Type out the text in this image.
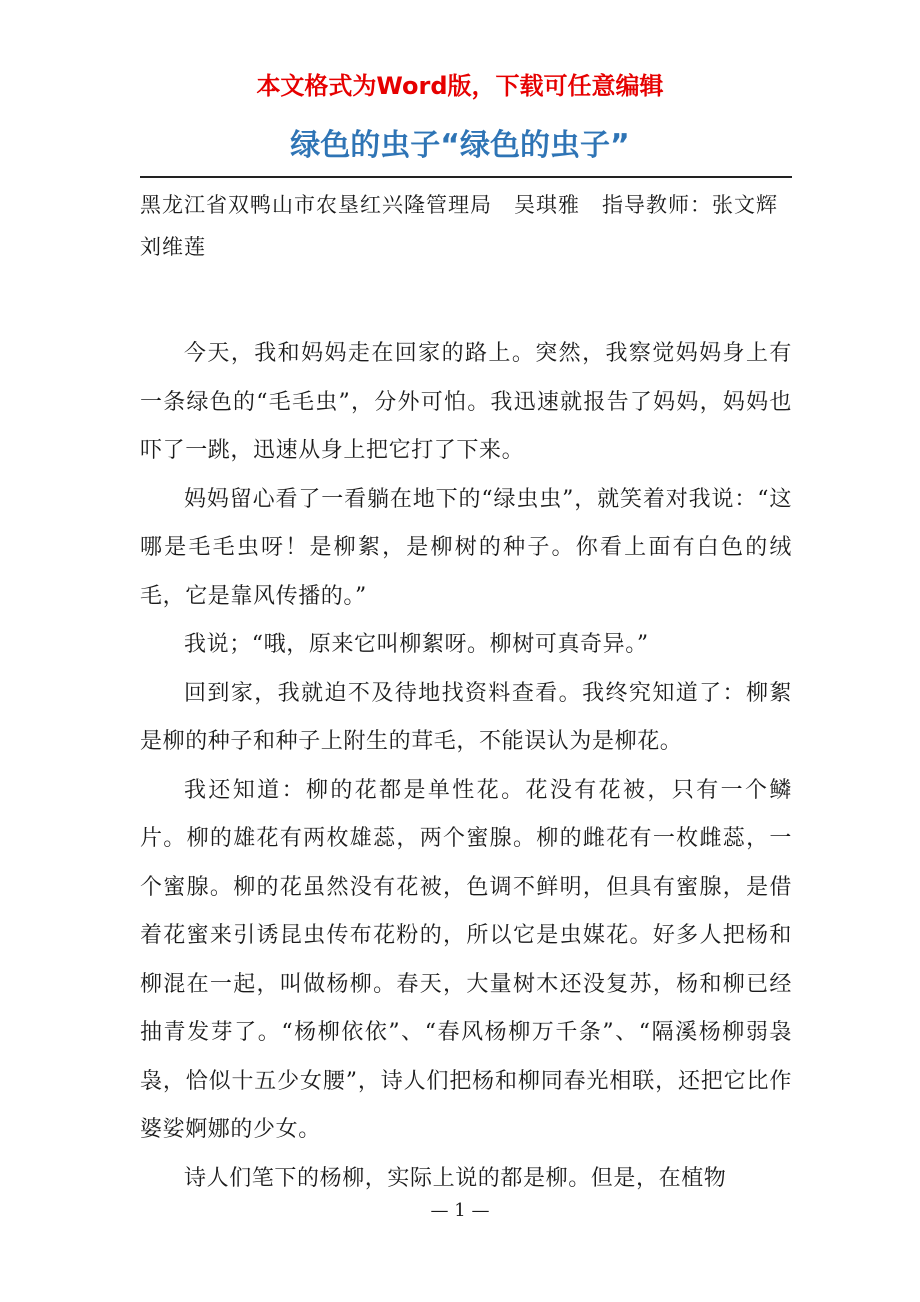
本文格式为Word版，下载可任意编辑
绿色的虫子“绿色的虫子”
黑龙江省双鸭山市农垦红兴隆管理局　吴琪雅　指导教师：张文辉 刘维莲

今天，我和妈妈走在回家的路上。突然，我察觉妈妈身上有一条绿色的“毛毛虫”，分外可怕。我迅速就报告了妈妈，妈妈也吓了一跳，迅速从身上把它打了下来。

妈妈留心看了一看躺在地下的“绿虫虫”，就笑着对我说：“这哪是毛毛虫呀！是柳絮，是柳树的种子。你看上面有白色的绒毛，它是靠风传播的。”

我说；“哦，原来它叫柳絮呀。柳树可真奇异。”

回到家，我就迫不及待地找资料查看。我终究知道了：柳絮是柳的种子和种子上附生的茸毛，不能误认为是柳花。

我还知道：柳的花都是单性花。花没有花被，只有一个鳞片。柳的雄花有两枚雄蕊，两个蜜腺。柳的雌花有一枚雌蕊，一个蜜腺。柳的花虽然没有花被，色调不鲜明，但具有蜜腺，是借着花蜜来引诱昆虫传布花粉的，所以它是虫媒花。好多人把杨和柳混在一起，叫做杨柳。春天，大量树木还没复苏，杨和柳已经抽青发芽了。“杨柳依依”、“春风杨柳万千条”、“隔溪杨柳弱袅袅，恰似十五少女腰”，诗人们把杨和柳同春光相联，还把它比作婆娑婀娜的少女。

诗人们笔下的杨柳，实际上说的都是柳。但是，在植物

— 1 —
